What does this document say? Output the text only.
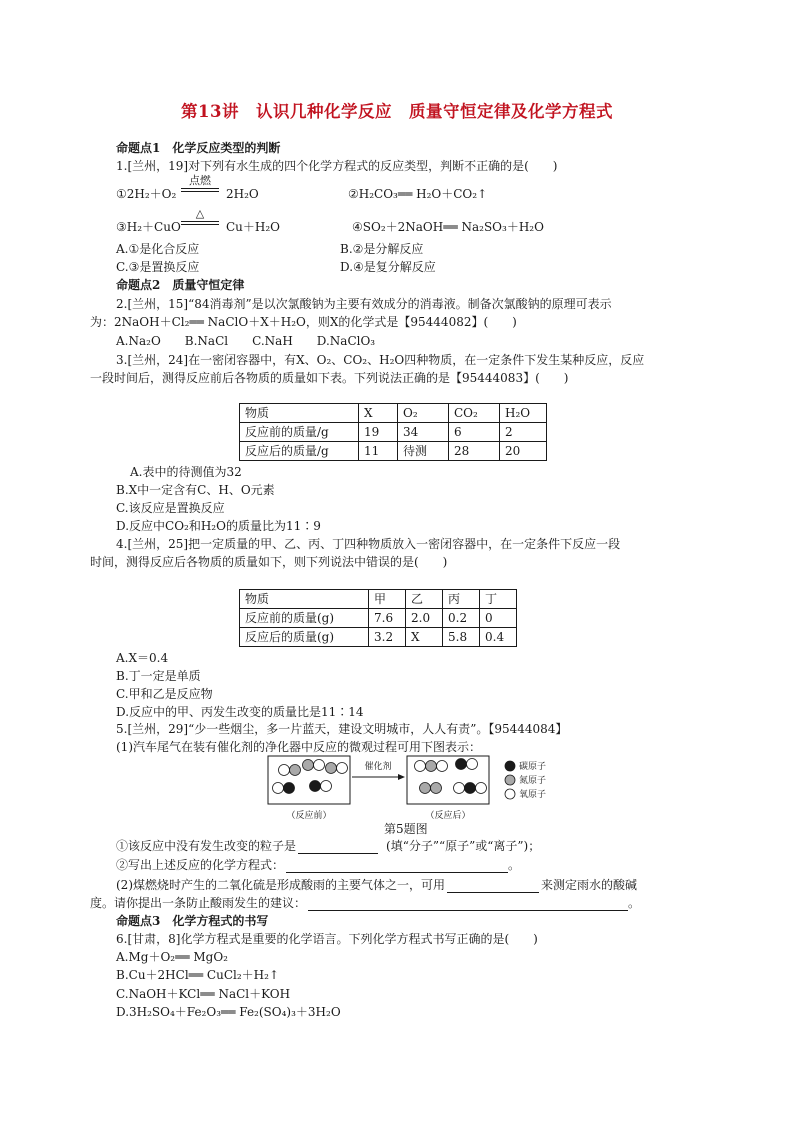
第13讲　认识几种化学反应　质量守恒定律及化学方程式
命题点1　化学反应类型的判断
1.[兰州，19]对下列有水生成的四个化学方程式的反应类型，判断不正确的是(　　)
①2H₂＋O₂
点燃
2H₂O	②H₂CO₃══ H₂O＋CO₂↑
③H₂＋CuO
△
Cu＋H₂O	④SO₂＋2NaOH══ Na₂SO₃＋H₂O
A.①是化合反应	B.②是分解反应
C.③是置换反应	D.④是复分解反应
命题点2　质量守恒定律
2.[兰州，15]“84消毒剂”是以次氯酸钠为主要有效成分的消毒液。制备次氯酸钠的原理可表示
为：2NaOH＋Cl₂══ NaClO＋X＋H₂O，则X的化学式是【95444082】(　　)
A.Na₂O　　B.NaCl　　C.NaH　　D.NaClO₃
3.[兰州，24]在一密闭容器中，有X、O₂、CO₂、H₂O四种物质，在一定条件下发生某种反应，反应
一段时间后，测得反应前后各物质的质量如下表。下列说法正确的是【95444083】(　　)
物质	X	O₂	CO₂	H₂O
反应前的质量/g	19	34	6	2
反应后的质量/g	11	待测	28	20
A.表中的待测值为32
B.X中一定含有C、H、O元素
C.该反应是置换反应
D.反应中CO₂和H₂O的质量比为11∶9
4.[兰州，25]把一定质量的甲、乙、丙、丁四种物质放入一密闭容器中，在一定条件下反应一段
时间，测得反应后各物质的质量如下，则下列说法中错误的是(　　)
物质	甲	乙	丙	丁
反应前的质量(g)	7.6	2.0	0.2	0
反应后的质量(g)	3.2	X	5.8	0.4
A.X＝0.4
B.丁一定是单质
C.甲和乙是反应物
D.反应中的甲、丙发生改变的质量比是11∶14
5.[兰州，29]“少一些烟尘，多一片蓝天，建设文明城市，人人有责”。【95444084】
(1)汽车尾气在装有催化剂的净化器中反应的微观过程可用下图表示：
催化剂	碳原子
氮原子
氧原子
（反应前）	（反应后）
第5题图
①该反应中没有发生改变的粒子是	(填“分子”“原子”或“离子”)；
②写出上述反应的化学方程式：	。
(2)煤燃烧时产生的二氧化硫是形成酸雨的主要气体之一，可用	来测定雨水的酸碱
度。请你提出一条防止酸雨发生的建议：	。
命题点3　化学方程式的书写
6.[甘肃，8]化学方程式是重要的化学语言。下列化学方程式书写正确的是(　　)
A.Mg＋O₂══ MgO₂
B.Cu＋2HCl══ CuCl₂＋H₂↑
C.NaOH＋KCl══ NaCl＋KOH
D.3H₂SO₄＋Fe₂O₃══ Fe₂(SO₄)₃＋3H₂O
